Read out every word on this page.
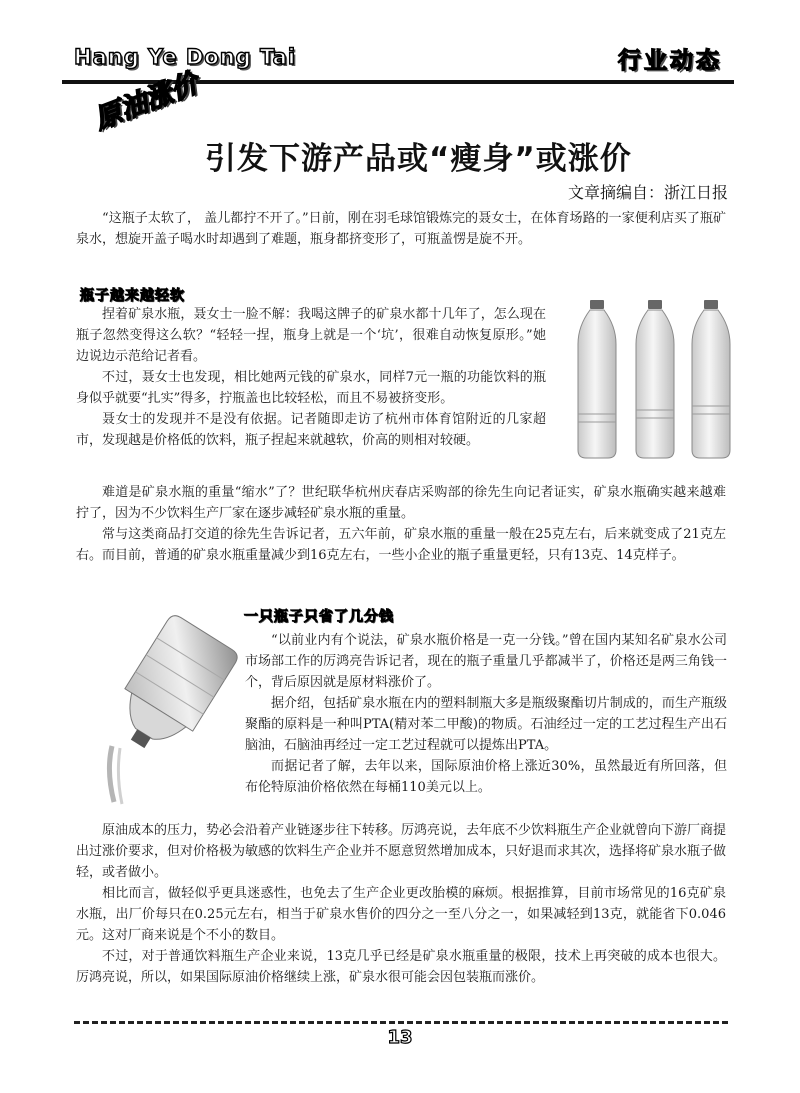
Hang Ye Dong Tai	行业动态
原油涨价
引发下游产品或“瘦身”或涨价
文章摘编自：浙江日报

“这瓶子太软了， 盖儿都拧不开了。”日前，刚在羽毛球馆锻炼完的聂女士，在体育场路的一家便利店买了瓶矿泉水，想旋开盖子喝水时却遇到了难题，瓶身都挤变形了，可瓶盖愣是旋不开。

瓶子越来越轻软

捏着矿泉水瓶，聂女士一脸不解：我喝这牌子的矿泉水都十几年了，怎么现在瓶子忽然变得这么软？“轻轻一捏，瓶身上就是一个‘坑’，很难自动恢复原形。”她边说边示范给记者看。

不过，聂女士也发现，相比她两元钱的矿泉水，同样7元一瓶的功能饮料的瓶身似乎就要“扎实”得多，拧瓶盖也比较轻松，而且不易被挤变形。

聂女士的发现并不是没有依据。记者随即走访了杭州市体育馆附近的几家超市，发现越是价格低的饮料，瓶子捏起来就越软，价高的则相对较硬。

难道是矿泉水瓶的重量“缩水”了？世纪联华杭州庆春店采购部的徐先生向记者证实，矿泉水瓶确实越来越难拧了，因为不少饮料生产厂家在逐步减轻矿泉水瓶的重量。

常与这类商品打交道的徐先生告诉记者，五六年前，矿泉水瓶的重量一般在25克左右，后来就变成了21克左右。而目前，普通的矿泉水瓶重量减少到16克左右，一些小企业的瓶子重量更轻，只有13克、14克样子。

一只瓶子只省了几分钱

“以前业内有个说法，矿泉水瓶价格是一克一分钱。”曾在国内某知名矿泉水公司市场部工作的厉鸿亮告诉记者，现在的瓶子重量几乎都减半了，价格还是两三角钱一个，背后原因就是原材料涨价了。

据介绍，包括矿泉水瓶在内的塑料制瓶大多是瓶级聚酯切片制成的，而生产瓶级聚酯的原料是一种叫PTA(精对苯二甲酸)的物质。石油经过一定的工艺过程生产出石脑油，石脑油再经过一定工艺过程就可以提炼出PTA。

而据记者了解，去年以来，国际原油价格上涨近30%，虽然最近有所回落，但布伦特原油价格依然在每桶110美元以上。

原油成本的压力，势必会沿着产业链逐步往下转移。厉鸿亮说，去年底不少饮料瓶生产企业就曾向下游厂商提出过涨价要求，但对价格极为敏感的饮料生产企业并不愿意贸然增加成本，只好退而求其次，选择将矿泉水瓶子做轻，或者做小。

相比而言，做轻似乎更具迷惑性，也免去了生产企业更改胎模的麻烦。根据推算，目前市场常见的16克矿泉水瓶，出厂价每只在0.25元左右，相当于矿泉水售价的四分之一至八分之一，如果减轻到13克，就能省下0.046元。这对厂商来说是个不小的数目。

不过，对于普通饮料瓶生产企业来说，13克几乎已经是矿泉水瓶重量的极限，技术上再突破的成本也很大。厉鸿亮说，所以，如果国际原油价格继续上涨，矿泉水很可能会因包装瓶而涨价。

13
